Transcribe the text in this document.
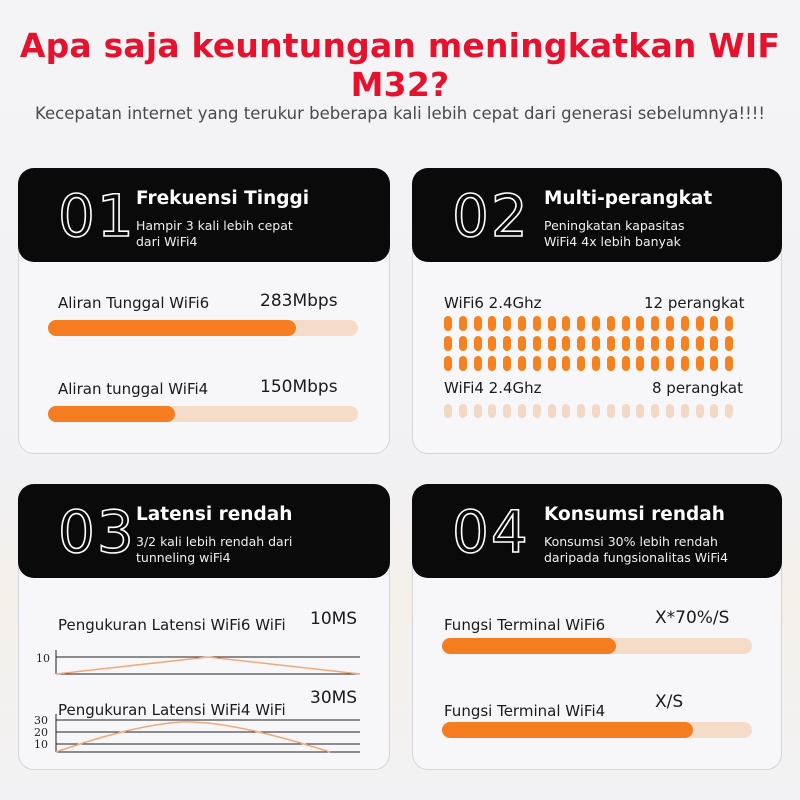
Apa saja keuntungan meningkatkan WIF M32?
Kecepatan internet yang terukur beberapa kali lebih cepat dari generasi sebelumnya!!!!
01 Frekuensi Tinggi
Hampir 3 kali lebih cepat
dari WiFi4
Aliran Tunggal WiFi6	283Mbps
Aliran tunggal WiFi4	150Mbps
02 Multi-perangkat
Peningkatan kapasitas
WiFi4 4x lebih banyak
WiFi6 2.4Ghz	12 perangkat
WiFi4 2.4Ghz	8 perangkat
03 Latensi rendah
3/2 kali lebih rendah dari
tunneling wiFi4
Pengukuran Latensi WiFi6 WiFi 10MS
10
Pengukuran Latensi WiFi4 WiFi
30MS
30
20
10
04 Konsumsi rendah
Konsumsi 30% lebih rendah
daripada fungsionalitas WiFi4
Fungsi Terminal WiFi6	X*70%/S
Fungsi Terminal WiFi4	X/S
